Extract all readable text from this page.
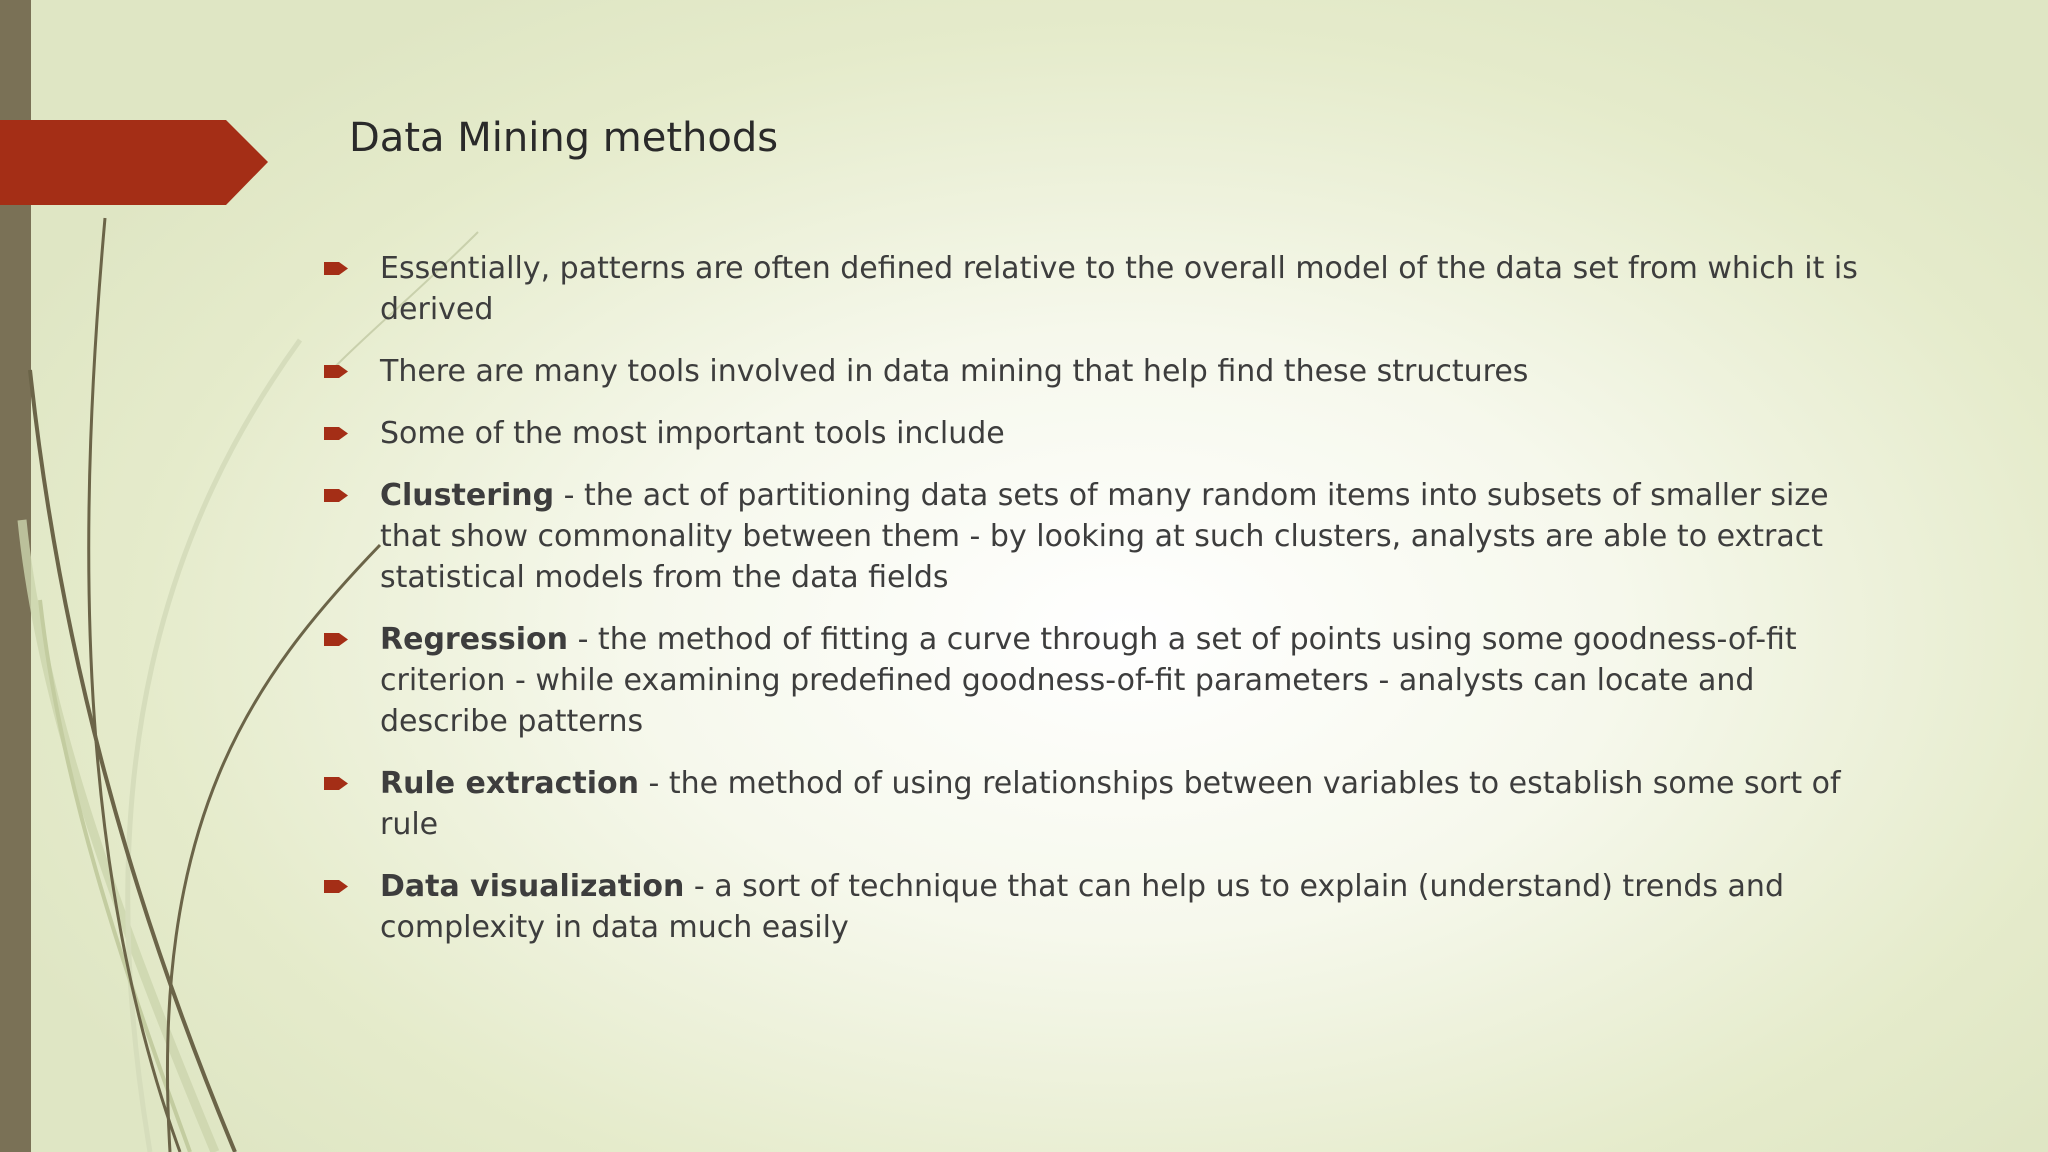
Data Mining methods
Essentially, patterns are often defined relative to the overall model of the data set from which it is derived
There are many tools involved in data mining that help find these structures
Some of the most important tools include
Clustering - the act of partitioning data sets of many random items into subsets of smaller size that show commonality between them - by looking at such clusters, analysts are able to extract statistical models from the data fields
Regression - the method of fitting a curve through a set of points using some goodness-of-fit criterion - while examining predefined goodness-of-fit parameters - analysts can locate and describe patterns
Rule extraction - the method of using relationships between variables to establish some sort of rule
Data visualization - a sort of technique that can help us to explain (understand) trends and complexity in data much easily
